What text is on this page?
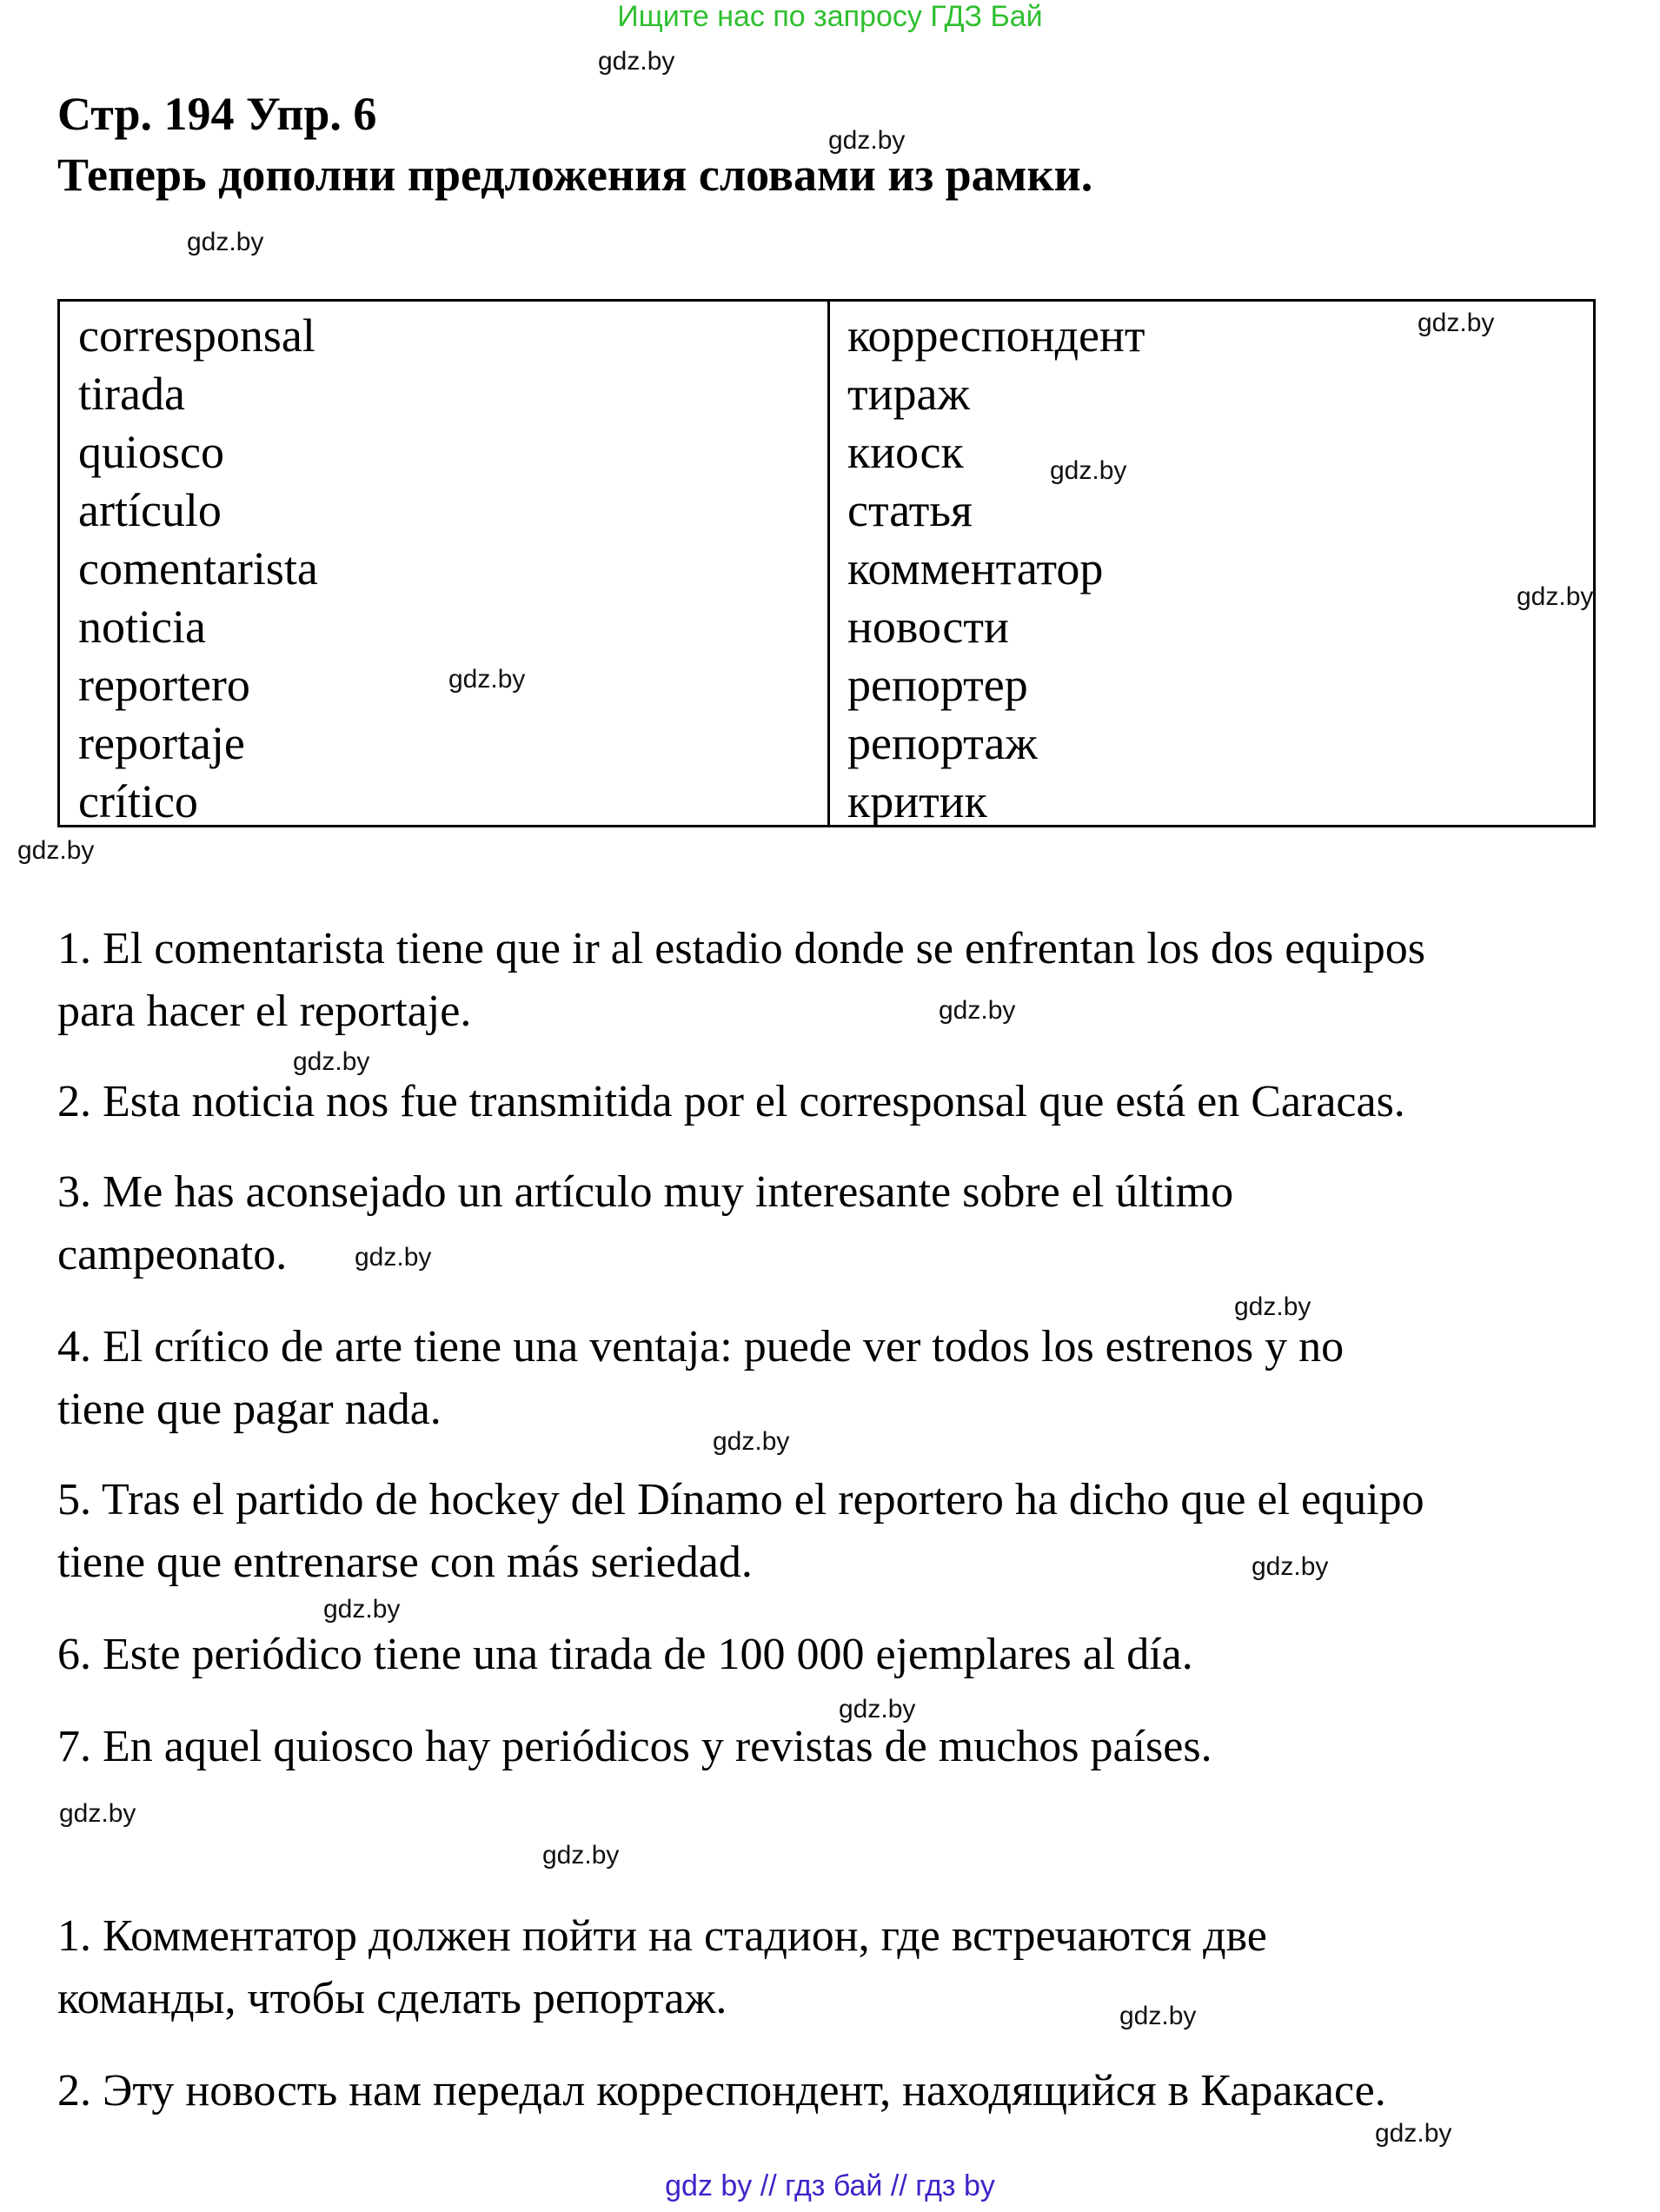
Ищите нас по запросу ГДЗ Бай
Стр. 194 Упр. 6
Теперь дополни предложения словами из рамки.
corresponsal
tirada
quiosco
artículo
comentarista
noticia
reportero
reportaje
crítico
корреспондент
тираж
киоск
статья
комментатор
новости
репортер
репортаж
критик
1. El comentarista tiene que ir al estadio donde se enfrentan los dos equipos
para hacer el reportaje.
2. Esta noticia nos fue transmitida por el corresponsal que está en Caracas.
3. Me has aconsejado un artículo muy interesante sobre el último
campeonato.
4. El crítico de arte tiene una ventaja: puede ver todos los estrenos y no
tiene que pagar nada.
5. Tras el partido de hockey del Dínamo el reportero ha dicho que el equipo
tiene que entrenarse con más seriedad.
6. Este periódico tiene una tirada de 100 000 ejemplares al día.
7. En aquel quiosco hay periódicos y revistas de muchos países.
1. Комментатор должен пойти на стадион, где встречаются две
команды, чтобы сделать репортаж.
2. Эту новость нам передал корреспондент, находящийся в Каракасе.
gdz.by
gdz.by
gdz.by
gdz.by
gdz.by
gdz.by
gdz.by
gdz.by
gdz.by
gdz.by
gdz.by
gdz.by
gdz.by
gdz.by
gdz.by
gdz.by
gdz.by
gdz.by
gdz.by
gdz.by
gdz by // гдз бай // гдз by
